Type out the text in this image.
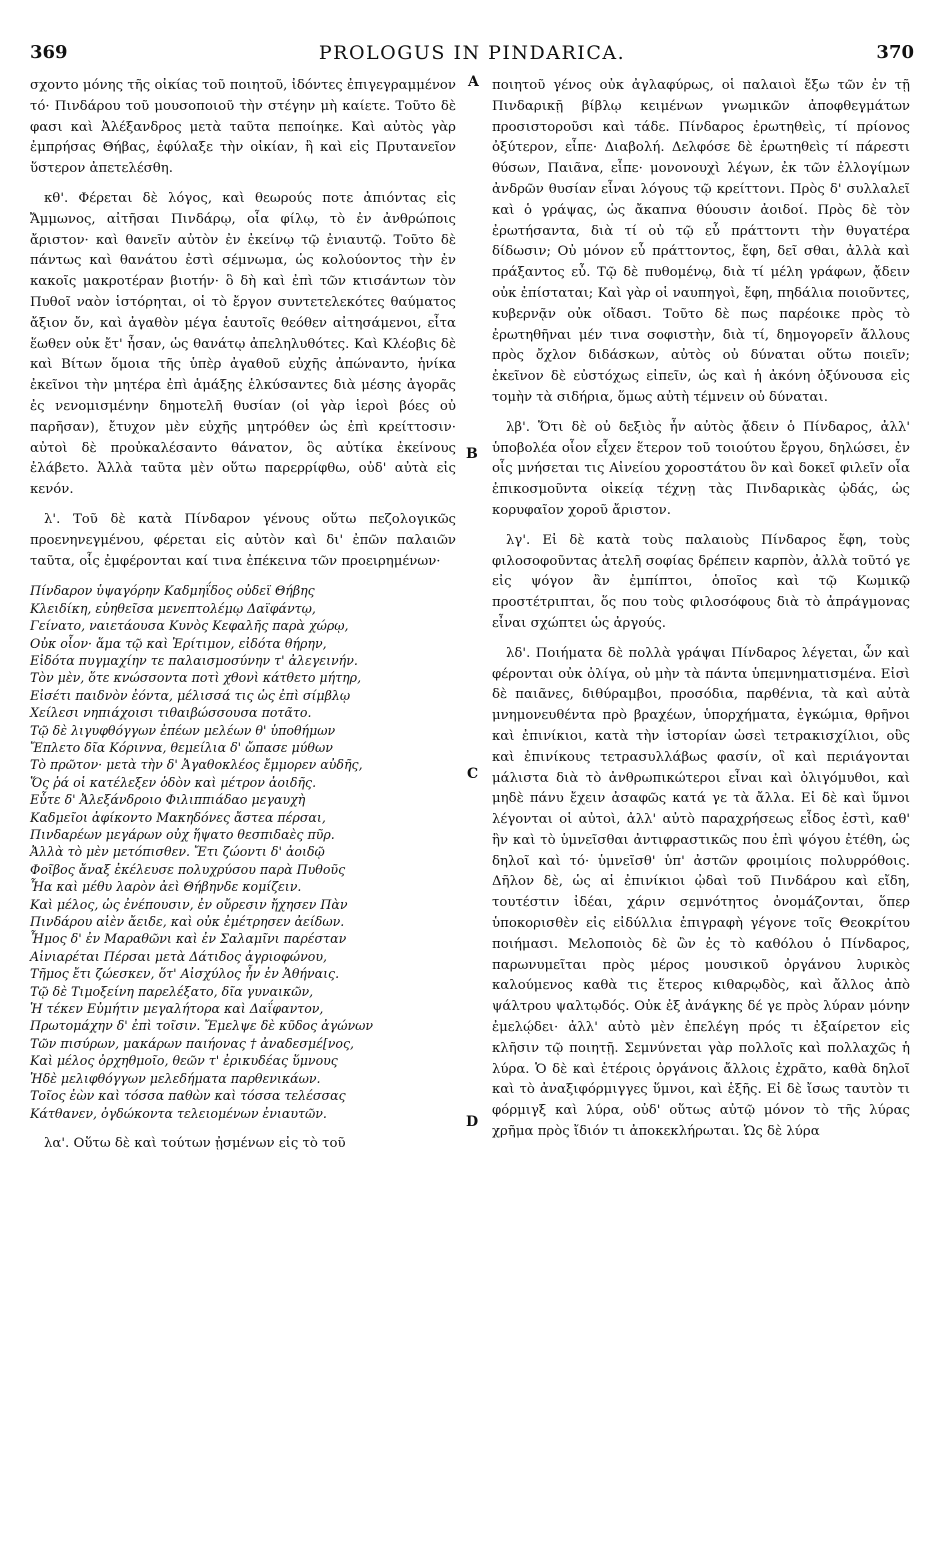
369	PROLOGUS IN PINDARICA.	370
A
B
C
D

σχοντο μόνης τῆς οἰκίας τοῦ ποιητοῦ, ἰδόντες ἐπιγεγραμμένον τό· Πινδάρου τοῦ μουσοποιοῦ τὴν στέγην μὴ καίετε. Τοῦτο δὲ φασι καὶ Ἀλέξανδρος μετὰ ταῦτα πεποίηκε. Καὶ αὐτὸς γὰρ ἐμπρήσας Θήβας, ἐφύλαξε τὴν οἰκίαν, ἣ καὶ εἰς Πρυτανεῖον ὕστερον ἀπετελέσθη.

κθ'. Φέρεται δὲ λόγος, καὶ θεωρούς ποτε ἀπιόντας εἰς Ἄμμωνος, αἰτῆσαι Πινδάρῳ, οἷα φίλῳ, τὸ ἐν ἀνθρώποις ἄριστον· καὶ θανεῖν αὐτὸν ἐν ἐκείνῳ τῷ ἐνιαυτῷ. Τοῦτο δὲ πάντως καὶ θανάτου ἐστὶ σέμνωμα, ὡς κολούοντος τὴν ἐν κακοῖς μακροτέραν βιοτήν· ὃ δὴ καὶ ἐπὶ τῶν κτισάντων τὸν Πυθοῖ ναὸν ἱστόρηται, οἱ τὸ ἔργον συντετελεκότες θαύματος ἄξιον ὄν, καὶ ἀγαθὸν μέγα ἑαυτοῖς θεόθεν αἰτησάμενοι, εἶτα ἕωθεν οὐκ ἔτ' ἦσαν, ὡς θανάτῳ ἀπεληλυθότες. Καὶ Κλέοβις δὲ καὶ Βίτων ὅμοια τῆς ὑπὲρ ἀγαθοῦ εὐχῆς ἀπώναντο, ἡνίκα ἐκεῖνοι τὴν μητέρα ἐπὶ ἁμάξης ἑλκύσαντες διὰ μέσης ἀγορᾶς ἐς νενομισμένην δημοτελῆ θυσίαν (οἱ γὰρ ἱεροὶ βόες οὐ παρῆσαν), ἔτυχον μὲν εὐχῆς μητρόθεν ὡς ἐπὶ κρείττοσιν· αὐτοὶ δὲ προὐκαλέσαντο θάνατον, ὃς αὐτίκα ἐκείνους ἐλάβετο. Ἀλλὰ ταῦτα μὲν οὕτω παρερρίφθω, οὐδ' αὐτὰ εἰς κενόν.

λ'. Τοῦ δὲ κατὰ Πίνδαρον γένους οὕτω πεζολογικῶς προενηνεγμένου, φέρεται εἰς αὐτὸν καὶ δι' ἐπῶν παλαιῶν ταῦτα, οἷς ἐμφέρονται καί τινα ἐπέκεινα τῶν προειρημένων·

Πίνδαρον ὑψαγόρην Καδμηΐδος οὐδεϊ Θήβης
Κλειδίκη, εὐηθεῖσα μενεπτολέμῳ Δαϊφάντῳ,
Γείνατο, ναιετάουσα Κυνὸς Κεφαλῆς παρὰ χώρῳ,
Οὐκ οἷον· ἅμα τῷ καὶ Ἐρίτιμον, εἰδότα θήρην,
Εἰδότα πυγμαχίην τε παλαισμοσύνην τ' ἀλεγεινήν.
Τὸν μὲν, ὅτε κνώσσοντα ποτὶ χθονὶ κάτθετο μήτηρ,
Εἰσέτι παιδνὸν ἐόντα, μέλισσά τις ὡς ἐπὶ σίμβλῳ
Χείλεσι νηπιάχοισι τιθαιβώσσουσα ποτᾶτο.
Τῷ δὲ λιγυφθόγγων ἐπέων μελέων θ' ὑποθήμων
Ἔπλετο δῖα Κόριννα, θεμείλια δ' ὤπασε μύθων
Τὸ πρῶτον· μετὰ τὴν δ' Ἀγαθοκλέος ἔμμορεν αὐδῆς,
Ὅς ῥά οἱ κατέλεξεν ὁδὸν καὶ μέτρον ἀοιδῆς.
Εὖτε δ' Ἀλεξάνδροιο Φιλιππιάδαο μεγαυχὴ
Καδμεῖοι ἀφίκοντο Μακηδόνες ἄστεα πέρσαι,
Πινδαρέων μεγάρων οὐχ ἥψατο θεσπιδαὲς πῦρ.
Ἀλλὰ τὸ μὲν μετόπισθεν. Ἔτι ζώοντι δ' ἀοιδῷ
Φοῖβος ἄναξ ἐκέλευσε πολυχρύσου παρὰ Πυθοῦς
Ἦα καὶ μέθυ λαρὸν ἀεὶ Θήβηνδε κομίζειν.
Καὶ μέλος, ὡς ἐνέπουσιν, ἐν οὔρεσιν ἤχησεν Πὰν
Πινδάρου αἰὲν ἄειδε, καὶ οὐκ ἐμέτρησεν ἀείδων.
Ἦμος δ' ἐν Μαραθῶνι καὶ ἐν Σαλαμῖνι παρέσταν
Αἰνιαρέται Πέρσαι μετὰ Δάτιδος ἀγριοφώνου,
Τῆμος ἔτι ζώεσκεν, ὅτ' Αἰσχύλος ἦν ἐν Ἀθήναις.
Τῷ δὲ Τιμοξείνη παρελέξατο, δῖα γυναικῶν,
Ἡ τέκεν Εὐμήτιν μεγαλήτορα καὶ Δαΐφαντον,
Πρωτομάχην δ' ἐπὶ τοῖσιν. Ἔμελψε δὲ κῦδος ἀγώνων
Τῶν πισύρων, μακάρων παιήονας † ἀναδεσμέ[νος,
Καὶ μέλος ὀρχηθμοῖο, θεῶν τ' ἐρικυδέας ὕμνους
Ἠδὲ μελιφθόγγων μελεδήματα παρθενικάων.
Τοῖος ἐὼν καὶ τόσσα παθὼν καὶ τόσσα τελέσσας
Κάτθανεν, ὀγδώκοντα τελειομένων ἐνιαυτῶν.

λα'. Οὕτω δὲ καὶ τούτων ᾐσμένων εἰς τὸ τοῦ

ποιητοῦ γένος οὐκ ἀγλαφύρως, οἱ παλαιοὶ ἔξω τῶν ἐν τῇ Πινδαρικῇ βίβλῳ κειμένων γνωμικῶν ἀποφθεγμάτων προσιστοροῦσι καὶ τάδε. Πίνδαρος ἐρωτηθεὶς, τί πρίονος ὀξύτερον, εἶπε· Διαβολή. Δελφόσε δὲ ἐρωτηθεὶς τί πάρεστι θύσων, Παιᾶνα, εἶπε· μονονουχὶ λέγων, ἐκ τῶν ἐλλογίμων ἀνδρῶν θυσίαν εἶναι λόγους τῷ κρείττονι. Πρὸς δ' συλλαλεῖ καὶ ὁ γράψας, ὡς ἄκαπνα θύουσιν ἀοιδοί. Πρὸς δὲ τὸν ἐρωτήσαντα, διὰ τί οὐ τῷ εὖ πράττοντι τὴν θυγατέρα δίδωσιν; Οὐ μόνον εὖ πράττοντος, ἔφη, δεῖ σθαι, ἀλλὰ καὶ πράξαντος εὖ. Τῷ δὲ πυθομένῳ, διὰ τί μέλη γράφων, ᾄδειν οὐκ ἐπίσταται; Καὶ γὰρ οἱ ναυπηγοὶ, ἔφη, πηδάλια ποιοῦντες, κυβερνᾷν οὐκ οἴδασι. Τοῦτο δὲ πως παρέοικε πρὸς τὸ ἐρωτηθῆναι μέν τινα σοφιστὴν, διὰ τί, δημογορεῖν ἄλλους πρὸς ὄχλον διδάσκων, αὐτὸς οὐ δύναται οὕτω ποιεῖν; ἐκεῖνον δὲ εὐστόχως εἰπεῖν, ὡς καὶ ἡ ἀκόνη ὀξύνουσα εἰς τομὴν τὰ σιδήρια, ὅμως αὐτὴ τέμνειν οὐ δύναται.

λβ'. Ὅτι δὲ οὐ δεξιὸς ἦν αὐτὸς ᾄδειν ὁ Πίνδαρος, ἀλλ' ὑποβολέα οἷον εἶχεν ἕτερον τοῦ τοιούτου ἔργου, δηλώσει, ἐν οἷς μνήσεται τις Αἰνείου χοροστάτου ὃν καὶ δοκεῖ φιλεῖν οἷα ἐπικοσμοῦντα οἰκείᾳ τέχνῃ τὰς Πινδαρικὰς ᾠδάς, ὡς κορυφαῖον χοροῦ ἄριστον.

λγ'. Εἰ δὲ κατὰ τοὺς παλαιοὺς Πίνδαρος ἔφη, τοὺς φιλοσοφοῦντας ἀτελῆ σοφίας δρέπειν καρπὸν, ἀλλὰ τοῦτό γε εἰς ψόγον ἂν ἐμπίπτοι, ὁποῖος καὶ τῷ Κωμικῷ προστέτριπται, ὅς που τοὺς φιλοσόφους διὰ τὸ ἀπράγμονας εἶναι σχώπτει ὡς ἀργούς.

λδ'. Ποιήματα δὲ πολλὰ γράψαι Πίνδαρος λέγεται, ὧν καὶ φέρονται οὐκ ὀλίγα, οὐ μὴν τὰ πάντα ὑπεμνηματισμένα. Εἰσὶ δὲ παιᾶνες, διθύραμβοι, προσόδια, παρθένια, τὰ καὶ αὐτὰ μνημονευθέντα πρὸ βραχέων, ὑπορχήματα, ἐγκώμια, θρῆνοι καὶ ἐπινίκιοι, κατὰ τὴν ἱστορίαν ὡσεὶ τετρακισχίλιοι, οὓς καὶ ἐπινίκους τετρασυλλάβως φασίν, οἳ καὶ περιάγονται μάλιστα διὰ τὸ ἀνθρωπικώτεροι εἶναι καὶ ὀλιγόμυθοι, καὶ μηδὲ πάνυ ἔχειν ἀσαφῶς κατά γε τὰ ἄλλα. Εἰ δὲ καὶ ὕμνοι λέγονται οἱ αὐτοὶ, ἀλλ' αὐτὸ παραχρήσεως εἶδος ἐστὶ, καθ' ἣν καὶ τὸ ὑμνεῖσθαι ἀντιφραστικῶς που ἐπὶ ψόγου ἐτέθη, ὡς δηλοῖ καὶ τό· ὑμνεῖσθ' ὑπ' ἀστῶν φροιμίοις πολυρρόθοις. Δῆλον δὲ, ὡς αἱ ἐπινίκιοι ᾠδαὶ τοῦ Πινδάρου καὶ εἴδη, τουτέστιν ἰδέαι, χάριν σεμνότητος ὀνομάζονται, ὅπερ ὑποκορισθὲν εἰς εἰδύλλια ἐπιγραφὴ γέγονε τοῖς Θεοκρίτου ποιήμασι. Μελοποιὸς δὲ ὢν ἐς τὸ καθόλου ὁ Πίνδαρος, παρωνυμεῖται πρὸς μέρος μουσικοῦ ὀργάνου λυρικὸς καλούμενος καθὰ τις ἕτερος κιθαρῳδὸς, καὶ ἄλλος ἀπὸ ψάλτρου ψαλτῳδός. Οὐκ ἐξ ἀνάγκης δέ γε πρὸς λύραν μόνην ἐμελῴδει· ἀλλ' αὐτὸ μὲν ἐπελέγη πρός τι ἐξαίρετον εἰς κλῆσιν τῷ ποιητῇ. Σεμνύνεται γὰρ πολλοῖς καὶ πολλαχῶς ἡ λύρα. Ὁ δὲ καὶ ἑτέροις ὀργάνοις ἄλλοις ἐχρᾶτο, καθὰ δηλοῖ καὶ τὸ ἀναξιφόρμιγγες ὕμνοι, καὶ ἑξῆς. Εἰ δὲ ἴσως ταυτὸν τι φόρμιγξ καὶ λύρα, οὐδ' οὕτως αὐτῷ μόνον τὸ τῆς λύρας χρῆμα πρὸς ἴδιόν τι ἀποκεκλήρωται. Ὡς δὲ λύρα
